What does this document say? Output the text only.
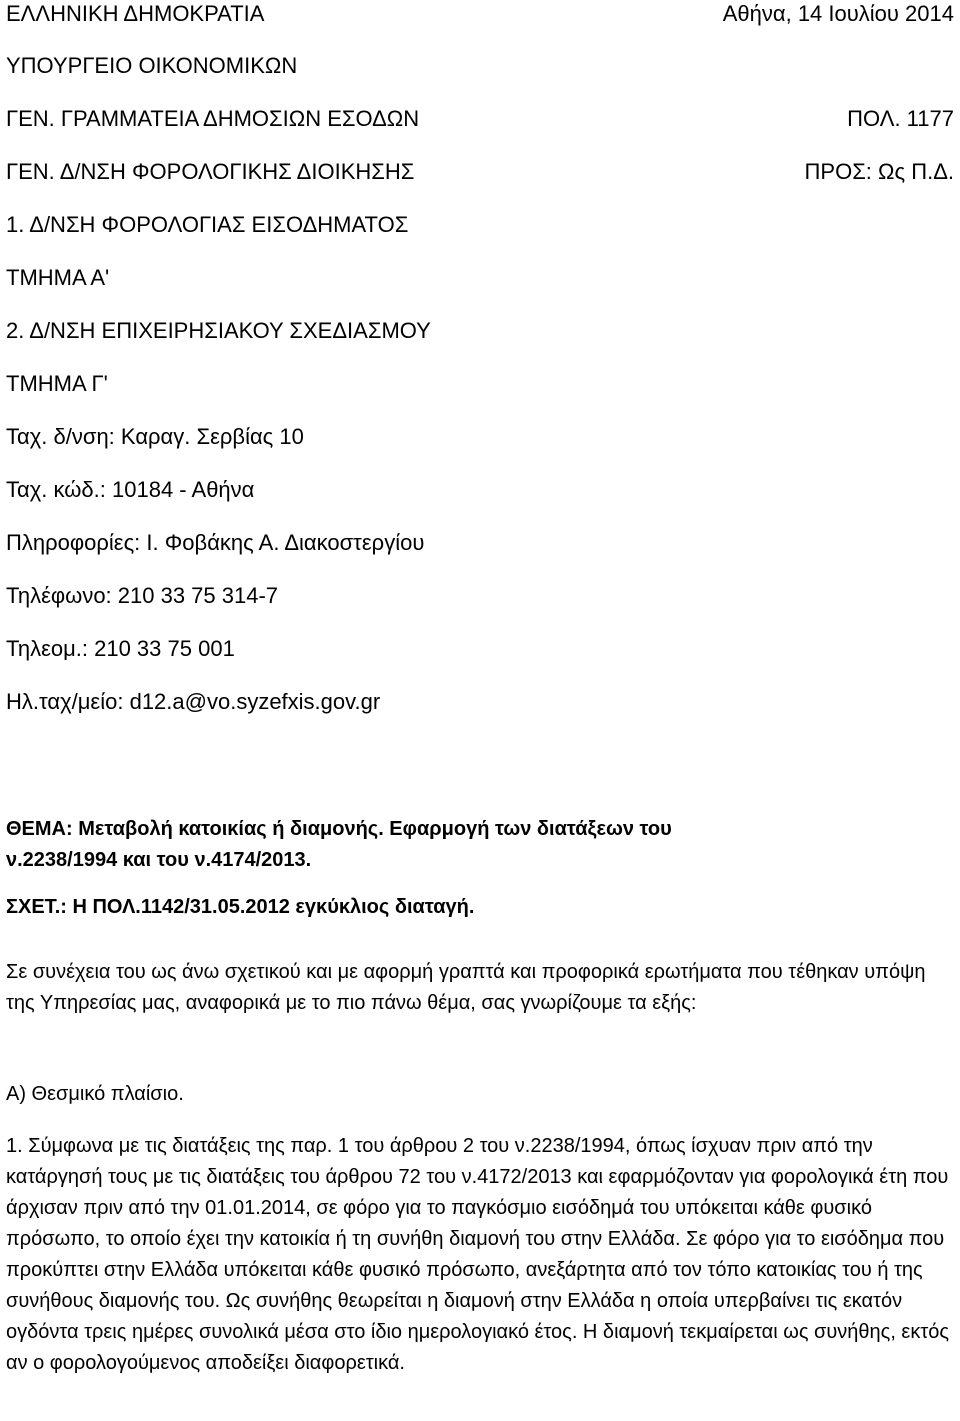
ΕΛΛΗΝΙΚΗ ΔΗΜΟΚΡΑΤΙΑ
ΥΠΟΥΡΓΕΙΟ ΟΙΚΟΝΟΜΙΚΩΝ
ΓΕΝ. ΓΡΑΜΜΑΤΕΙΑ ΔΗΜΟΣΙΩΝ ΕΣΟΔΩΝ
ΓΕΝ. Δ/ΝΣΗ ΦΟΡΟΛΟΓΙΚΗΣ ΔΙΟΙΚΗΣΗΣ
1. Δ/ΝΣΗ ΦΟΡΟΛΟΓΙΑΣ ΕΙΣΟΔΗΜΑΤΟΣ
ΤΜΗΜΑ Α'
2. Δ/ΝΣΗ ΕΠΙΧΕΙΡΗΣΙΑΚΟΥ ΣΧΕΔΙΑΣΜΟΥ
ΤΜΗΜΑ Γ'
Ταχ. δ/νση: Καραγ. Σερβίας 10
Ταχ. κώδ.: 10184 - Αθήνα
Πληροφορίες: Ι. Φοβάκης Α. Διακοστεργίου
Τηλέφωνο: 210 33 75 314-7
Τηλεομ.: 210 33 75 001
Ηλ.ταχ/μείο: d12.a@vo.syzefxis.gov.gr
Αθήνα, 14 Ιουλίου 2014
ΠΟΛ. 1177
ΠΡΟΣ: Ως Π.Δ.
ΘΕΜΑ: Μεταβολή κατοικίας ή διαμονής. Εφαρμογή των διατάξεων του
ν.2238/1994 και του ν.4174/2013.
ΣΧΕΤ.: Η ΠΟΛ.1142/31.05.2012 εγκύκλιος διαταγή.
Σε συνέχεια του ως άνω σχετικού και με αφορμή γραπτά και προφορικά ερωτήματα που τέθηκαν υπόψη της Υπηρεσίας μας, αναφορικά με το πιο πάνω θέμα, σας γνωρίζουμε τα εξής:
Α) Θεσμικό πλαίσιο.
1. Σύμφωνα με τις διατάξεις της παρ. 1 του άρθρου 2 του ν.2238/1994, όπως ίσχυαν πριν από την κατάργησή τους με τις διατάξεις του άρθρου 72 του ν.4172/2013 και εφαρμόζονταν για φορολογικά έτη που άρχισαν πριν από την 01.01.2014, σε φόρο για το παγκόσμιο εισόδημά του υπόκειται κάθε φυσικό πρόσωπο, το οποίο έχει την κατοικία ή τη συνήθη διαμονή του στην Ελλάδα. Σε φόρο για το εισόδημα που προκύπτει στην Ελλάδα υπόκειται κάθε φυσικό πρόσωπο, ανεξάρτητα από τον τόπο κατοικίας του ή της συνήθους διαμονής του. Ως συνήθης θεωρείται η διαμονή στην Ελλάδα η οποία υπερβαίνει τις εκατόν ογδόντα τρεις ημέρες συνολικά μέσα στο ίδιο ημερολογιακό έτος. Η διαμονή τεκμαίρεται ως συνήθης, εκτός αν ο φορολογούμενος αποδείξει διαφορετικά.
